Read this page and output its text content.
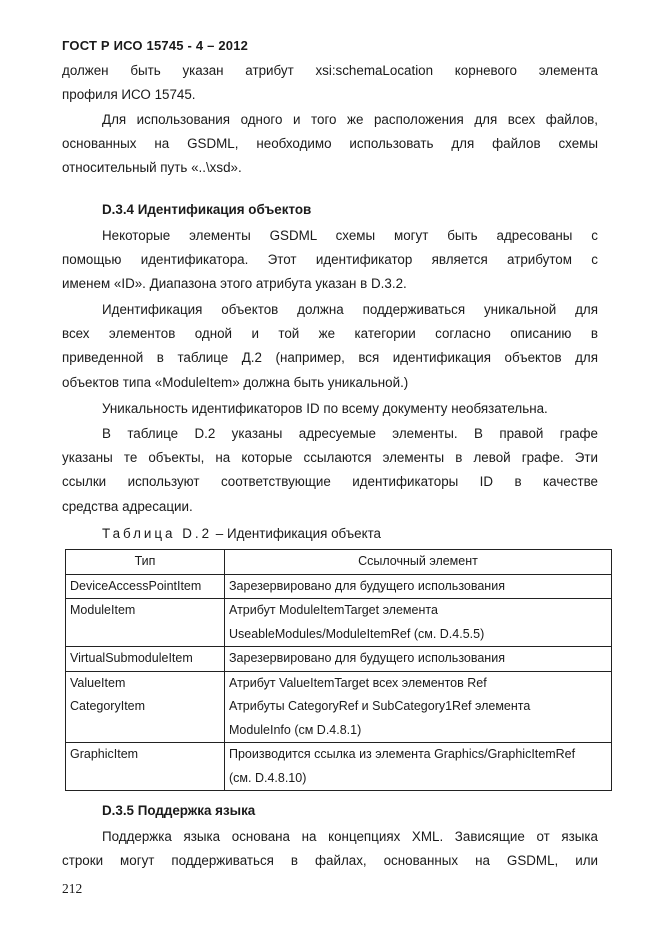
ГОСТ Р ИСО 15745 - 4 – 2012

должен быть указан атрибут xsi:schemaLocation корневого элемента
профиля ИСО 15745.

Для использования одного и того же расположения для всех файлов,
основанных на GSDML, необходимо использовать для файлов схемы
относительный путь «..\xsd».

D.3.4 Идентификация объектов

Некоторые элементы GSDML схемы могут быть адресованы с
помощью идентификатора. Этот идентификатор является атрибутом с
именем «ID». Диапазона этого атрибута указан в D.3.2.

Идентификация объектов должна поддерживаться уникальной для
всех элементов одной и той же категории согласно описанию в
приведенной в таблице Д.2 (например, вся идентификация объектов для
объектов типа «ModuleItem» должна быть уникальной.)

Уникальность идентификаторов ID по всему документу необязательна.

В таблице D.2 указаны адресуемые элементы. В правой графе
указаны те объекты, на которые ссылаются элементы в левой графе. Эти
ссылки используют соответствующие идентификаторы ID в качестве
средства адресации.

Таблица D.2 – Идентификация объекта
Тип	Ссылочный элемент

DeviceAccessPointItem	Зарезервировано для будущего использования

ModuleItem	Атрибут ModuleItemTarget элемента
UseableModules/ModuleItemRef (см. D.4.5.5)

VirtualSubmoduleItem	Зарезервировано для будущего использования

ValueItem
CategoryItem	Атрибут ValueItemTarget всех элементов Ref
Атрибуты CategoryRef и SubCategory1Ref элемента
ModuleInfo (см D.4.8.1)

GraphicItem	Производится ссылка из элемента Graphics/GraphicItemRef
(см. D.4.8.10)
D.3.5 Поддержка языка

Поддержка языка основана на концепциях XML. Зависящие от языка
строки могут поддерживаться в файлах, основанных на GSDML, или

212
